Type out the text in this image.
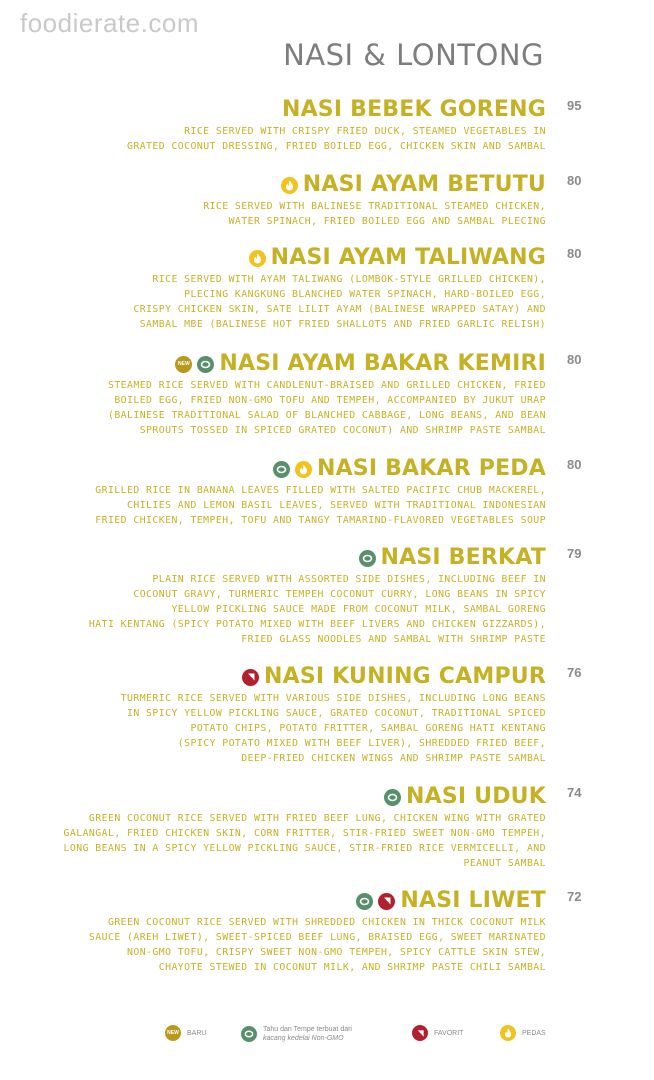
foodierate.com
NASI & LONTONG
NASI BEBEK GORENG
RICE SERVED WITH CRISPY FRIED DUCK, STEAMED VEGETABLES IN
GRATED COCONUT DRESSING, FRIED BOILED EGG, CHICKEN SKIN AND SAMBAL
95
NASI AYAM BETUTU
RICE SERVED WITH BALINESE TRADITIONAL STEAMED CHICKEN,
WATER SPINACH, FRIED BOILED EGG AND SAMBAL PLECING
80
NASI AYAM TALIWANG
RICE SERVED WITH AYAM TALIWANG (LOMBOK-STYLE GRILLED CHICKEN),
PLECING KANGKUNG BLANCHED WATER SPINACH, HARD-BOILED EGG,
CRISPY CHICKEN SKIN, SATE LILIT AYAM (BALINESE WRAPPED SATAY) AND
SAMBAL MBE (BALINESE HOT FRIED SHALLOTS AND FRIED GARLIC RELISH)
80
NEW NASI AYAM BAKAR KEMIRI
STEAMED RICE SERVED WITH CANDLENUT-BRAISED AND GRILLED CHICKEN, FRIED
BOILED EGG, FRIED NON-GMO TOFU AND TEMPEH, ACCOMPANIED BY JUKUT URAP
(BALINESE TRADITIONAL SALAD OF BLANCHED CABBAGE, LONG BEANS, AND BEAN
SPROUTS TOSSED IN SPICED GRATED COCONUT) AND SHRIMP PASTE SAMBAL
80
NASI BAKAR PEDA
GRILLED RICE IN BANANA LEAVES FILLED WITH SALTED PACIFIC CHUB MACKEREL,
CHILIES AND LEMON BASIL LEAVES, SERVED WITH TRADITIONAL INDONESIAN
FRIED CHICKEN, TEMPEH, TOFU AND TANGY TAMARIND-FLAVORED VEGETABLES SOUP
80
NASI BERKAT
PLAIN RICE SERVED WITH ASSORTED SIDE DISHES, INCLUDING BEEF IN
COCONUT GRAVY, TURMERIC TEMPEH COCONUT CURRY, LONG BEANS IN SPICY
YELLOW PICKLING SAUCE MADE FROM COCONUT MILK, SAMBAL GORENG
HATI KENTANG (SPICY POTATO MIXED WITH BEEF LIVERS AND CHICKEN GIZZARDS),
FRIED GLASS NOODLES AND SAMBAL WITH SHRIMP PASTE
79
NASI KUNING CAMPUR
TURMERIC RICE SERVED WITH VARIOUS SIDE DISHES, INCLUDING LONG BEANS
IN SPICY YELLOW PICKLING SAUCE, GRATED COCONUT, TRADITIONAL SPICED
POTATO CHIPS, POTATO FRITTER, SAMBAL GORENG HATI KENTANG
(SPICY POTATO MIXED WITH BEEF LIVER), SHREDDED FRIED BEEF,
DEEP-FRIED CHICKEN WINGS AND SHRIMP PASTE SAMBAL
76
NASI UDUK
GREEN COCONUT RICE SERVED WITH FRIED BEEF LUNG, CHICKEN WING WITH GRATED
GALANGAL, FRIED CHICKEN SKIN, CORN FRITTER, STIR-FRIED SWEET NON-GMO TEMPEH,
LONG BEANS IN A SPICY YELLOW PICKLING SAUCE, STIR-FRIED RICE VERMICELLI, AND
PEANUT SAMBAL
74
NASI LIWET
GREEN COCONUT RICE SERVED WITH SHREDDED CHICKEN IN THICK COCONUT MILK
SAUCE (AREH LIWET), SWEET-SPICED BEEF LUNG, BRAISED EGG, SWEET MARINATED
NON-GMO TOFU, CRISPY SWEET NON-GMO TEMPEH, SPICY CATTLE SKIN STEW,
CHAYOTE STEWED IN COCONUT MILK, AND SHRIMP PASTE CHILI SAMBAL
72
NEW	BARU	Tahu dan Tempe terbuat dari
kacang kedelai Non-GMO
FAVORIT	PEDAS
